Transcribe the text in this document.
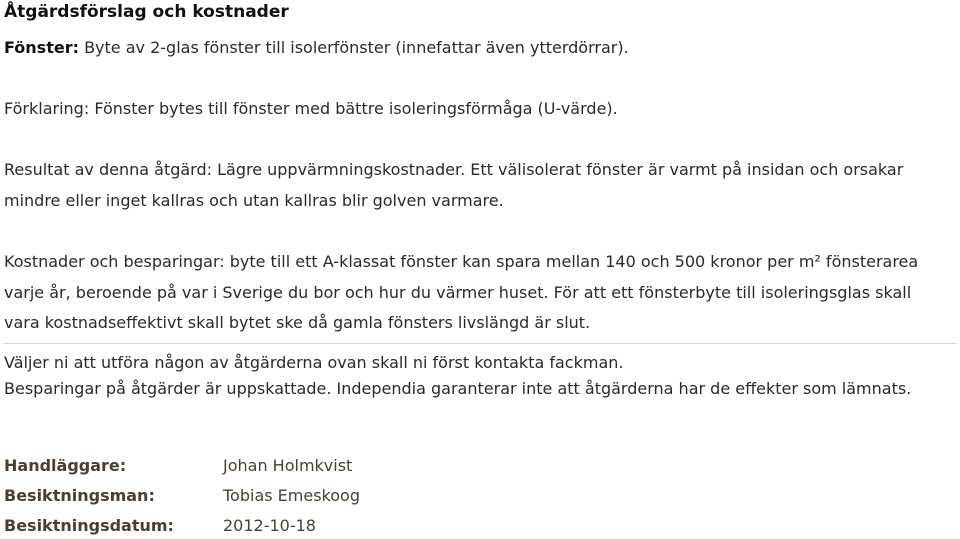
Åtgärdsförslag och kostnader
Fönster: Byte av 2-glas fönster till isolerfönster (innefattar även ytterdörrar).
Förklaring: Fönster bytes till fönster med bättre isoleringsförmåga (U-värde).
Resultat av denna åtgärd: Lägre uppvärmningskostnader. Ett välisolerat fönster är varmt på insidan och orsakar
mindre eller inget kallras och utan kallras blir golven varmare.
Kostnader och besparingar: byte till ett A-klassat fönster kan spara mellan 140 och 500 kronor per m² fönsterarea
varje år, beroende på var i Sverige du bor och hur du värmer huset. För att ett fönsterbyte till isoleringsglas skall
vara kostnadseffektivt skall bytet ske då gamla fönsters livslängd är slut.
Väljer ni att utföra någon av åtgärderna ovan skall ni först kontakta fackman.
Besparingar på åtgärder är uppskattade. Independia garanterar inte att åtgärderna har de effekter som lämnats.
Handläggare:	Johan Holmkvist
Besiktningsman:	Tobias Emeskoog
Besiktningsdatum:	2012-10-18
